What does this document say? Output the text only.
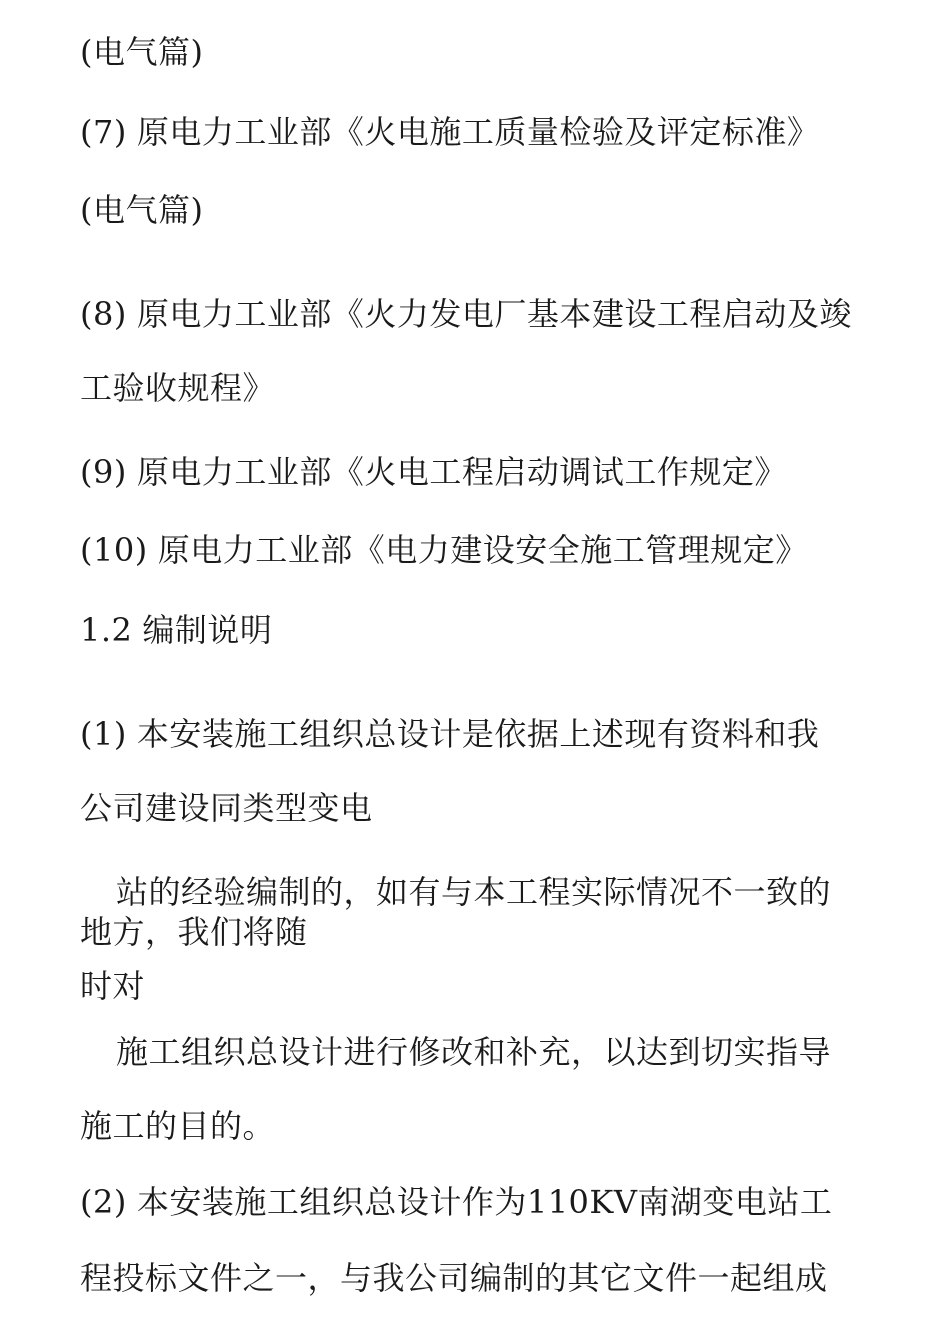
(电气篇)
(7) 原电力工业部《火电施工质量检验及评定标准》
(电气篇)
(8) 原电力工业部《火力发电厂基本建设工程启动及竣
工验收规程》
(9) 原电力工业部《火电工程启动调试工作规定》
(10) 原电力工业部《电力建设安全施工管理规定》
1.2 编制说明
(1) 本安装施工组织总设计是依据上述现有资料和我
公司建设同类型变电
站的经验编制的，如有与本工程实际情况不一致的
地方，我们将随
时对
施工组织总设计进行修改和补充，以达到切实指导
施工的目的。
(2) 本安装施工组织总设计作为110KV南湖变电站工
程投标文件之一，与我公司编制的其它文件一起组成
